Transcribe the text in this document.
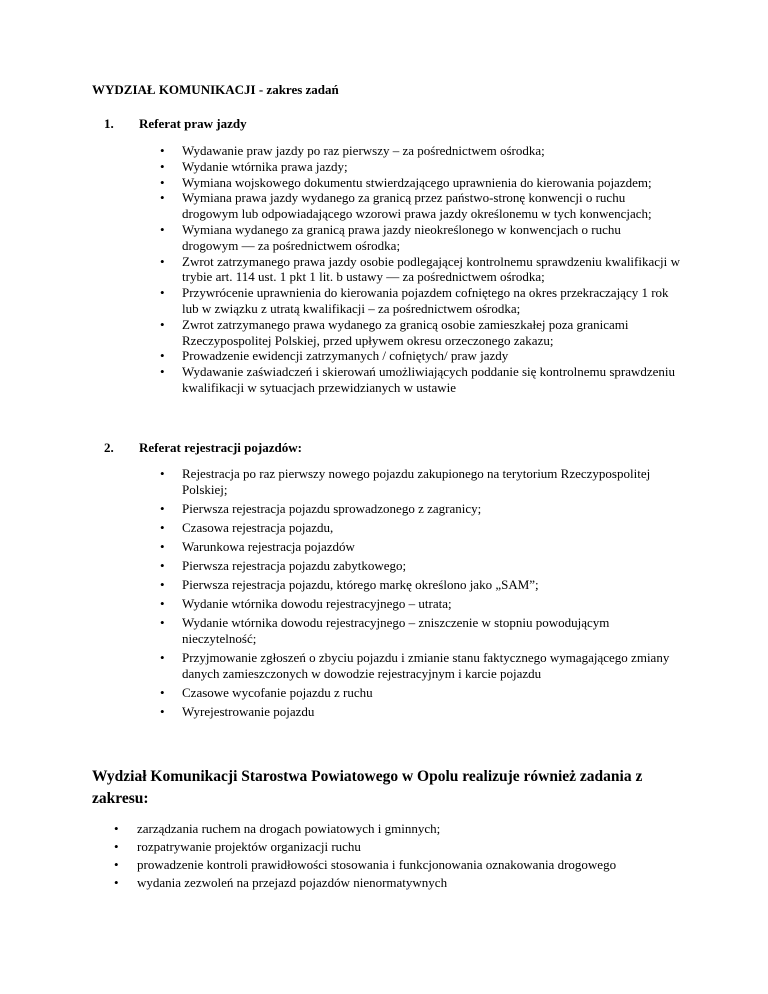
WYDZIAŁ KOMUNIKACJI - zakres zadań
1.	Referat praw jazdy
• Wydawanie praw jazdy po raz pierwszy – za pośrednictwem ośrodka;
• Wydanie wtórnika prawa jazdy;
• Wymiana wojskowego dokumentu stwierdzającego uprawnienia do kierowania pojazdem;
• Wymiana prawa jazdy wydanego za granicą przez państwo-stronę konwencji o ruchu drogowym lub odpowiadającego wzorowi prawa jazdy określonemu w tych konwencjach;
• Wymiana wydanego za granicą prawa jazdy nieokreślonego w konwencjach o ruchu drogowym — za pośrednictwem ośrodka;
• Zwrot zatrzymanego prawa jazdy osobie podlegającej kontrolnemu sprawdzeniu kwalifikacji w trybie art. 114 ust. 1 pkt 1 lit. b ustawy — za pośrednictwem ośrodka;
• Przywrócenie uprawnienia do kierowania pojazdem cofniętego na okres przekraczający 1 rok lub w związku z utratą kwalifikacji – za pośrednictwem ośrodka;
• Zwrot zatrzymanego prawa wydanego za granicą osobie zamieszkałej poza granicami Rzeczypospolitej Polskiej, przed upływem okresu orzeczonego zakazu;
• Prowadzenie ewidencji zatrzymanych / cofniętych/ praw jazdy
• Wydawanie zaświadczeń i skierowań umożliwiających poddanie się kontrolnemu sprawdzeniu kwalifikacji w sytuacjach przewidzianych w ustawie
2.	Referat rejestracji pojazdów:
• Rejestracja po raz pierwszy nowego pojazdu zakupionego na terytorium Rzeczypospolitej Polskiej;
• Pierwsza rejestracja pojazdu sprowadzonego z zagranicy;
• Czasowa rejestracja pojazdu,
• Warunkowa rejestracja pojazdów
• Pierwsza rejestracja pojazdu zabytkowego;
• Pierwsza rejestracja pojazdu, którego markę określono jako „SAM”;
• Wydanie wtórnika dowodu rejestracyjnego – utrata;
• Wydanie wtórnika dowodu rejestracyjnego – zniszczenie w stopniu powodującym nieczytelność;
• Przyjmowanie zgłoszeń o zbyciu pojazdu i zmianie stanu faktycznego wymagającego zmiany danych zamieszczonych w dowodzie rejestracyjnym i karcie pojazdu
• Czasowe wycofanie pojazdu z ruchu
• Wyrejestrowanie pojazdu
Wydział Komunikacji Starostwa Powiatowego w Opolu realizuje również zadania z zakresu:
• zarządzania ruchem na drogach powiatowych i gminnych;
• rozpatrywanie projektów organizacji ruchu
• prowadzenie kontroli prawidłowości stosowania i funkcjonowania oznakowania drogowego
• wydania zezwoleń na przejazd pojazdów nienormatywnych
